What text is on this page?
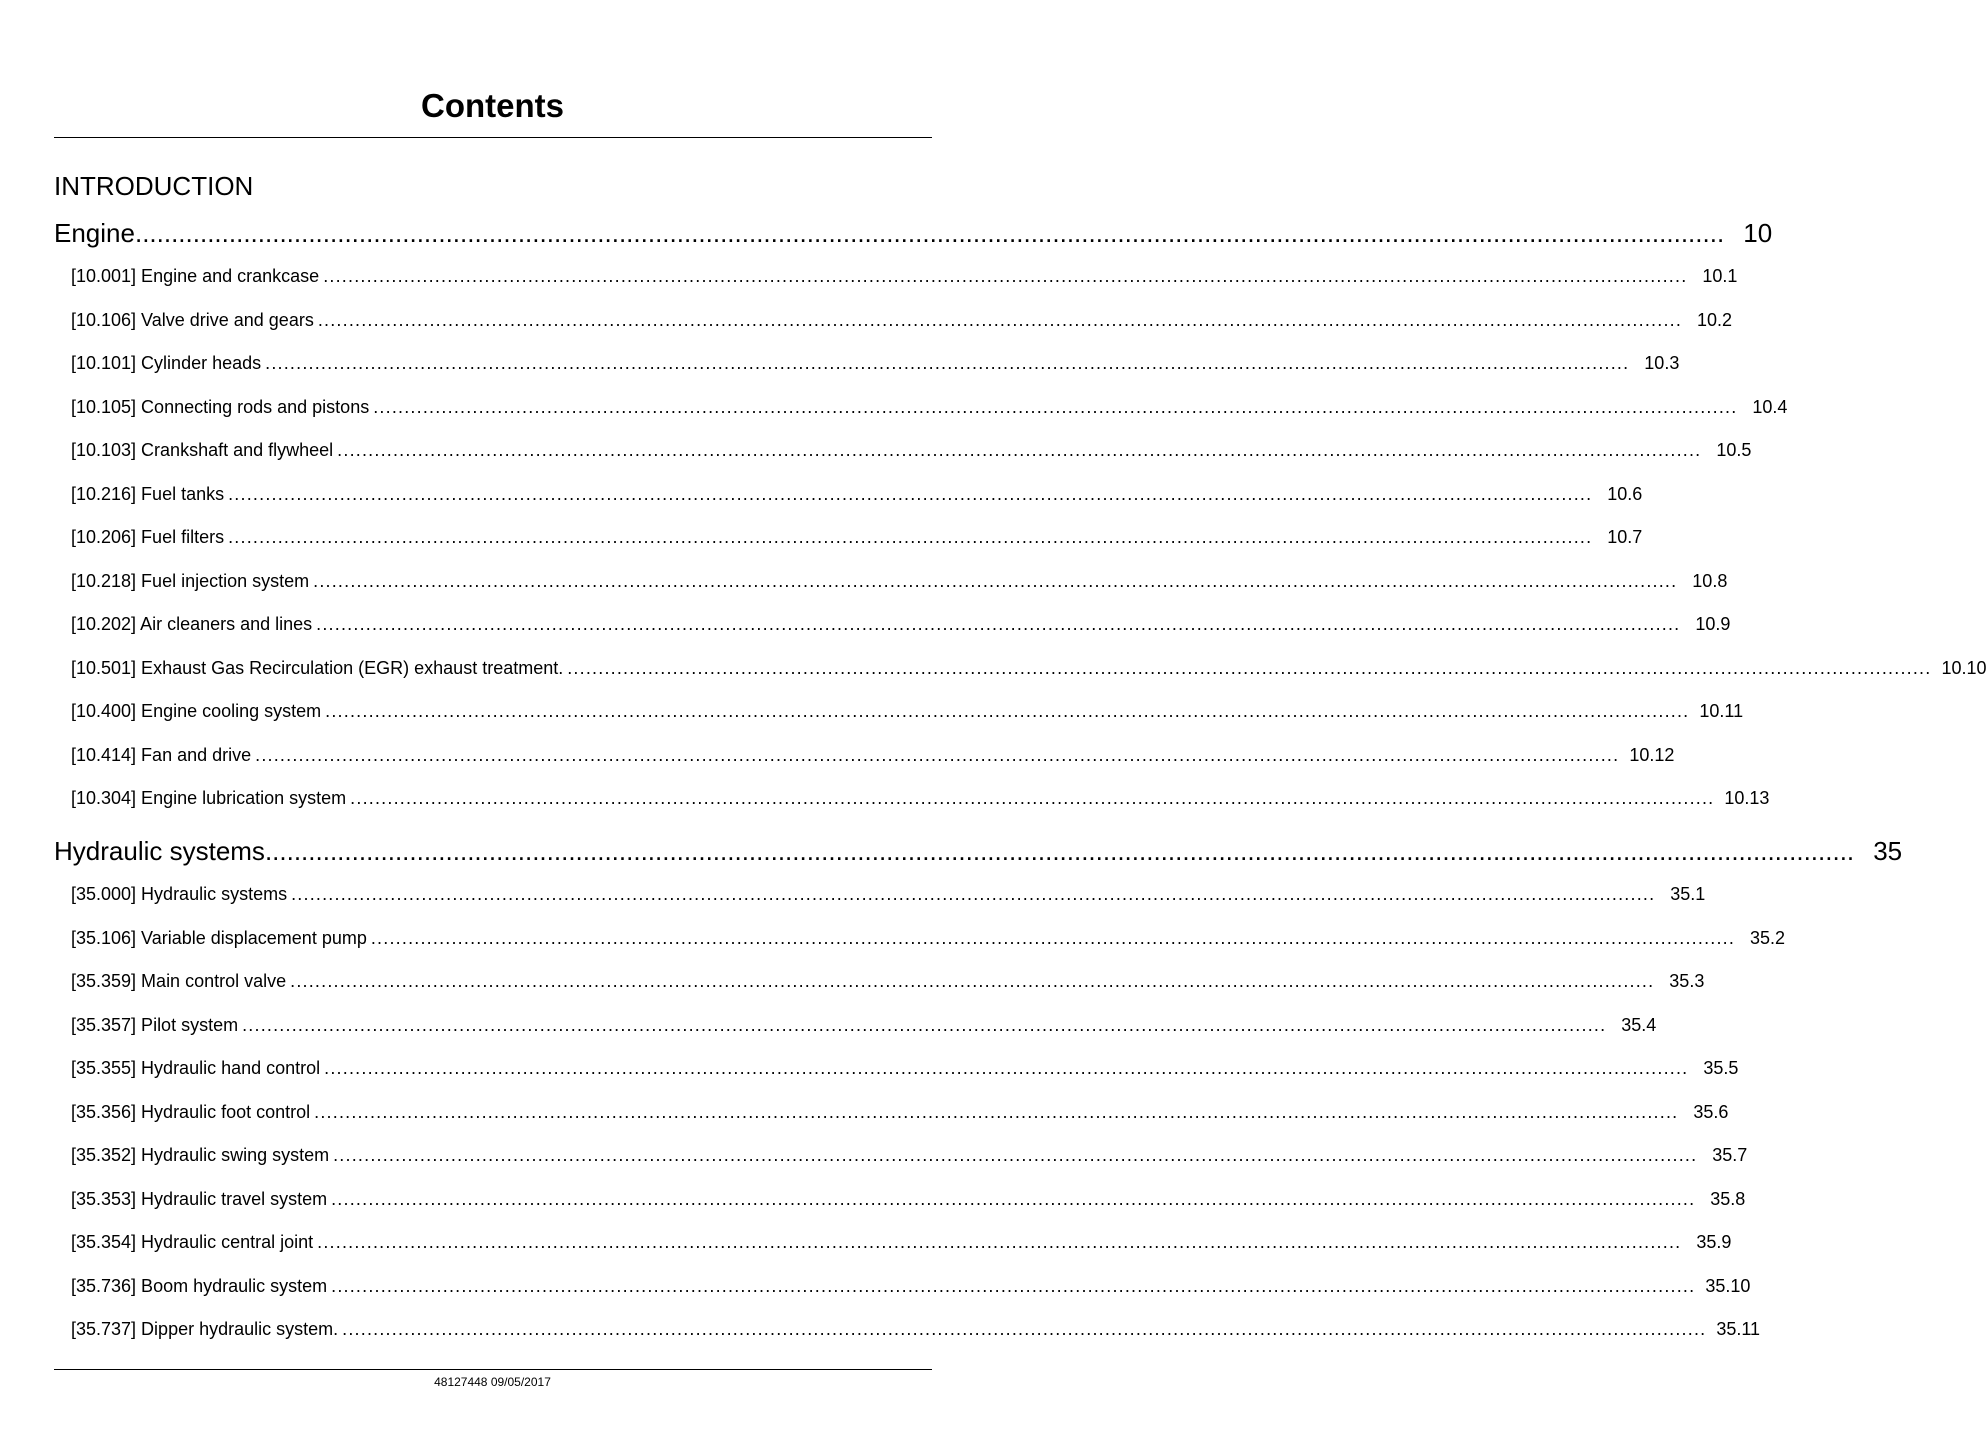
Contents
INTRODUCTION
Engine ............................................................................................................................................................................................................................ 10
[10.001] Engine and crankcase ............................................................................................................................................................................................................................ 10.1
[10.106] Valve drive and gears ............................................................................................................................................................................................................................ 10.2
[10.101] Cylinder heads ............................................................................................................................................................................................................................ 10.3
[10.105] Connecting rods and pistons ............................................................................................................................................................................................................................ 10.4
[10.103] Crankshaft and flywheel ............................................................................................................................................................................................................................ 10.5
[10.216] Fuel tanks ............................................................................................................................................................................................................................ 10.6
[10.206] Fuel filters ............................................................................................................................................................................................................................ 10.7
[10.218] Fuel injection system ............................................................................................................................................................................................................................ 10.8
[10.202] Air cleaners and lines ............................................................................................................................................................................................................................ 10.9
[10.501] Exhaust Gas Recirculation (EGR) exhaust treatment. ............................................................................................................................................................................................................................ 10.10
[10.400] Engine cooling system ............................................................................................................................................................................................................................ 10.11
[10.414] Fan and drive ............................................................................................................................................................................................................................ 10.12
[10.304] Engine lubrication system ............................................................................................................................................................................................................................ 10.13
Hydraulic systems ............................................................................................................................................................................................................................ 35
[35.000] Hydraulic systems ............................................................................................................................................................................................................................ 35.1
[35.106] Variable displacement pump ............................................................................................................................................................................................................................ 35.2
[35.359] Main control valve ............................................................................................................................................................................................................................ 35.3
[35.357] Pilot system ............................................................................................................................................................................................................................ 35.4
[35.355] Hydraulic hand control ............................................................................................................................................................................................................................ 35.5
[35.356] Hydraulic foot control ............................................................................................................................................................................................................................ 35.6
[35.352] Hydraulic swing system ............................................................................................................................................................................................................................ 35.7
[35.353] Hydraulic travel system ............................................................................................................................................................................................................................ 35.8
[35.354] Hydraulic central joint ............................................................................................................................................................................................................................ 35.9
[35.736] Boom hydraulic system ............................................................................................................................................................................................................................ 35.10
[35.737] Dipper hydraulic system. ............................................................................................................................................................................................................................ 35.11
48127448 09/05/2017
